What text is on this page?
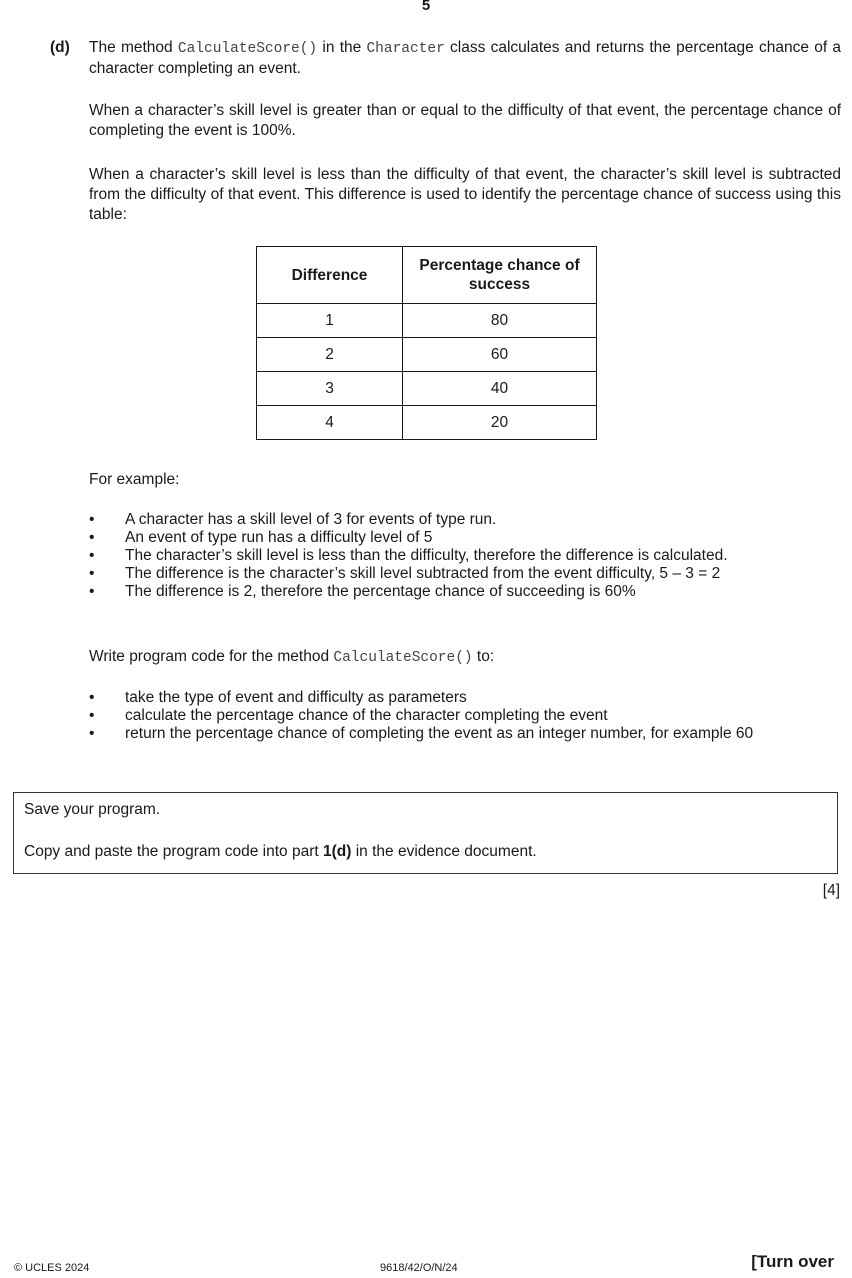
5
(d) The method CalculateScore() in the Character class calculates and returns the percentage chance of a character completing an event.

When a character’s skill level is greater than or equal to the difficulty of that event, the percentage chance of completing the event is 100%.

When a character’s skill level is less than the difficulty of that event, the character’s skill level is subtracted from the difficulty of that event. This difference is used to identify the percentage chance of success using this table:

Difference	Percentage chance of success
1	80
2	60
3	40
4	20

For example:

• A character has a skill level of 3 for events of type run.
• An event of type run has a difficulty level of 5
• The character’s skill level is less than the difficulty, therefore the difference is calculated.
• The difference is the character’s skill level subtracted from the event difficulty, 5 – 3 = 2
• The difference is 2, therefore the percentage chance of succeeding is 60%
Write program code for the method CalculateScore() to:
• take the type of event and difficulty as parameters
• calculate the percentage chance of the character completing the event
• return the percentage chance of completing the event as an integer number, for example 60

Save your program.

Copy and paste the program code into part 1(d) in the evidence document.

[4]
© UCLES 2024	9618/42/O/N/24	[Turn over
